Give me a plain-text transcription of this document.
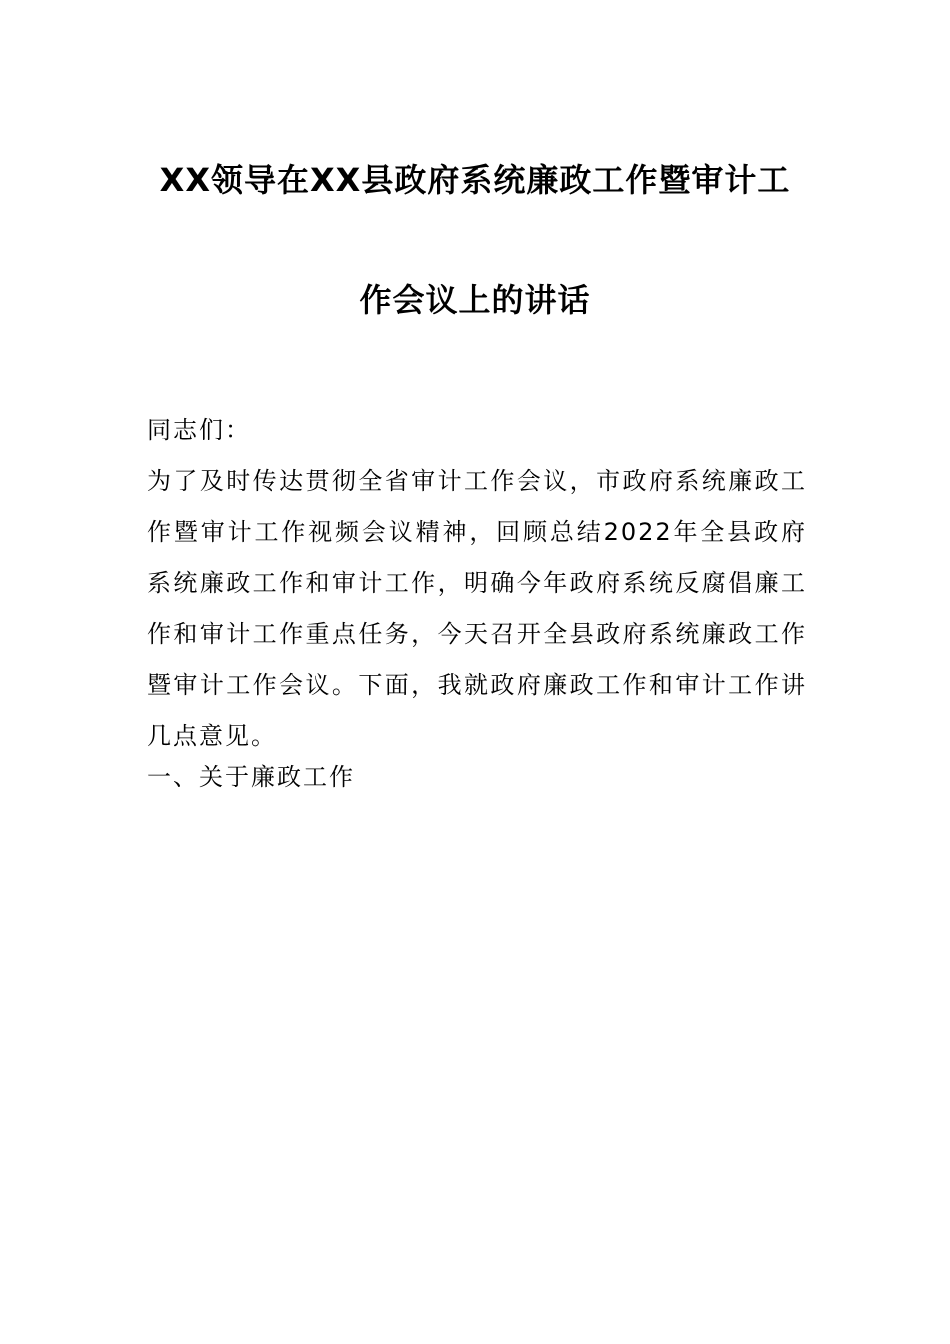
XX领导在XX县政府系统廉政工作暨审计工
作会议上的讲话
同志们：
为了及时传达贯彻全省审计工作会议，市政府系统廉政工作暨审计工作视频会议精神，回顾总结2022年全县政府系统廉政工作和审计工作，明确今年政府系统反腐倡廉工作和审计工作重点任务，今天召开全县政府系统廉政工作暨审计工作会议。下面，我就政府廉政工作和审计工作讲几点意见。
一、关于廉政工作
